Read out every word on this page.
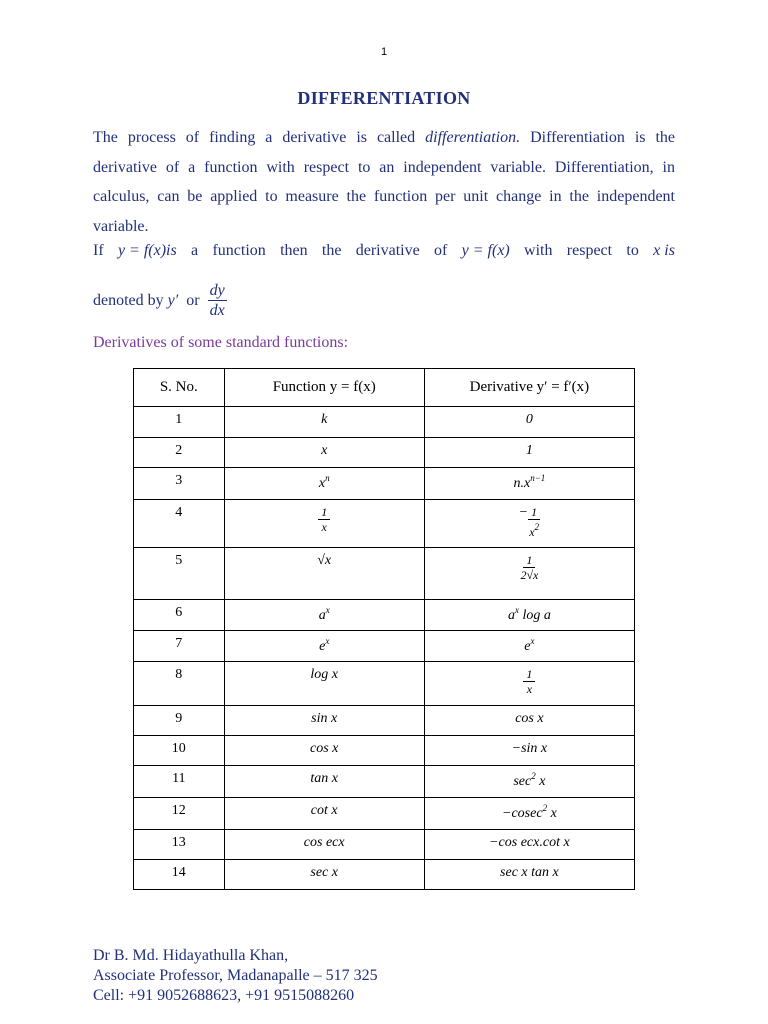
1
DIFFERENTIATION

The process of finding a derivative is called differentiation. Differentiation is the derivative of a function with respect to an independent variable. Differentiation, in calculus, can be applied to measure the function per unit change in the independent variable.

If y = f(x)is a function then the derivative of y = f(x) with respect to x is
denoted by
y′
or $\frac{dy}{dx}$
Derivatives of some standard functions:
S. No.	Function y = f(x)	Derivative y′ = f′(x)
1	k	0
2	x	1
3	$x^n$	$n.x^{n-1}$
4	$\frac{1}{x}$	− $\frac{1}{x^2}$

5	√x	$\frac{1}{2√x}$

6	$a^x$	$a^x$ log a
7	$e^x$	$e^x$
8	log x	$\frac{1}{x}$

9	sin x	cos x
10	cos x	−sin x
11	tan x	$\sec^2 x$
12	cot x	−cosec$^2$ x
13	cos ecx	−cos ecx.cot x
14	sec x	sec x tan x
Dr B. Md. Hidayathulla Khan,
Associate Professor, Madanapalle – 517 325
Cell: +91 9052688623, +91 9515088260
